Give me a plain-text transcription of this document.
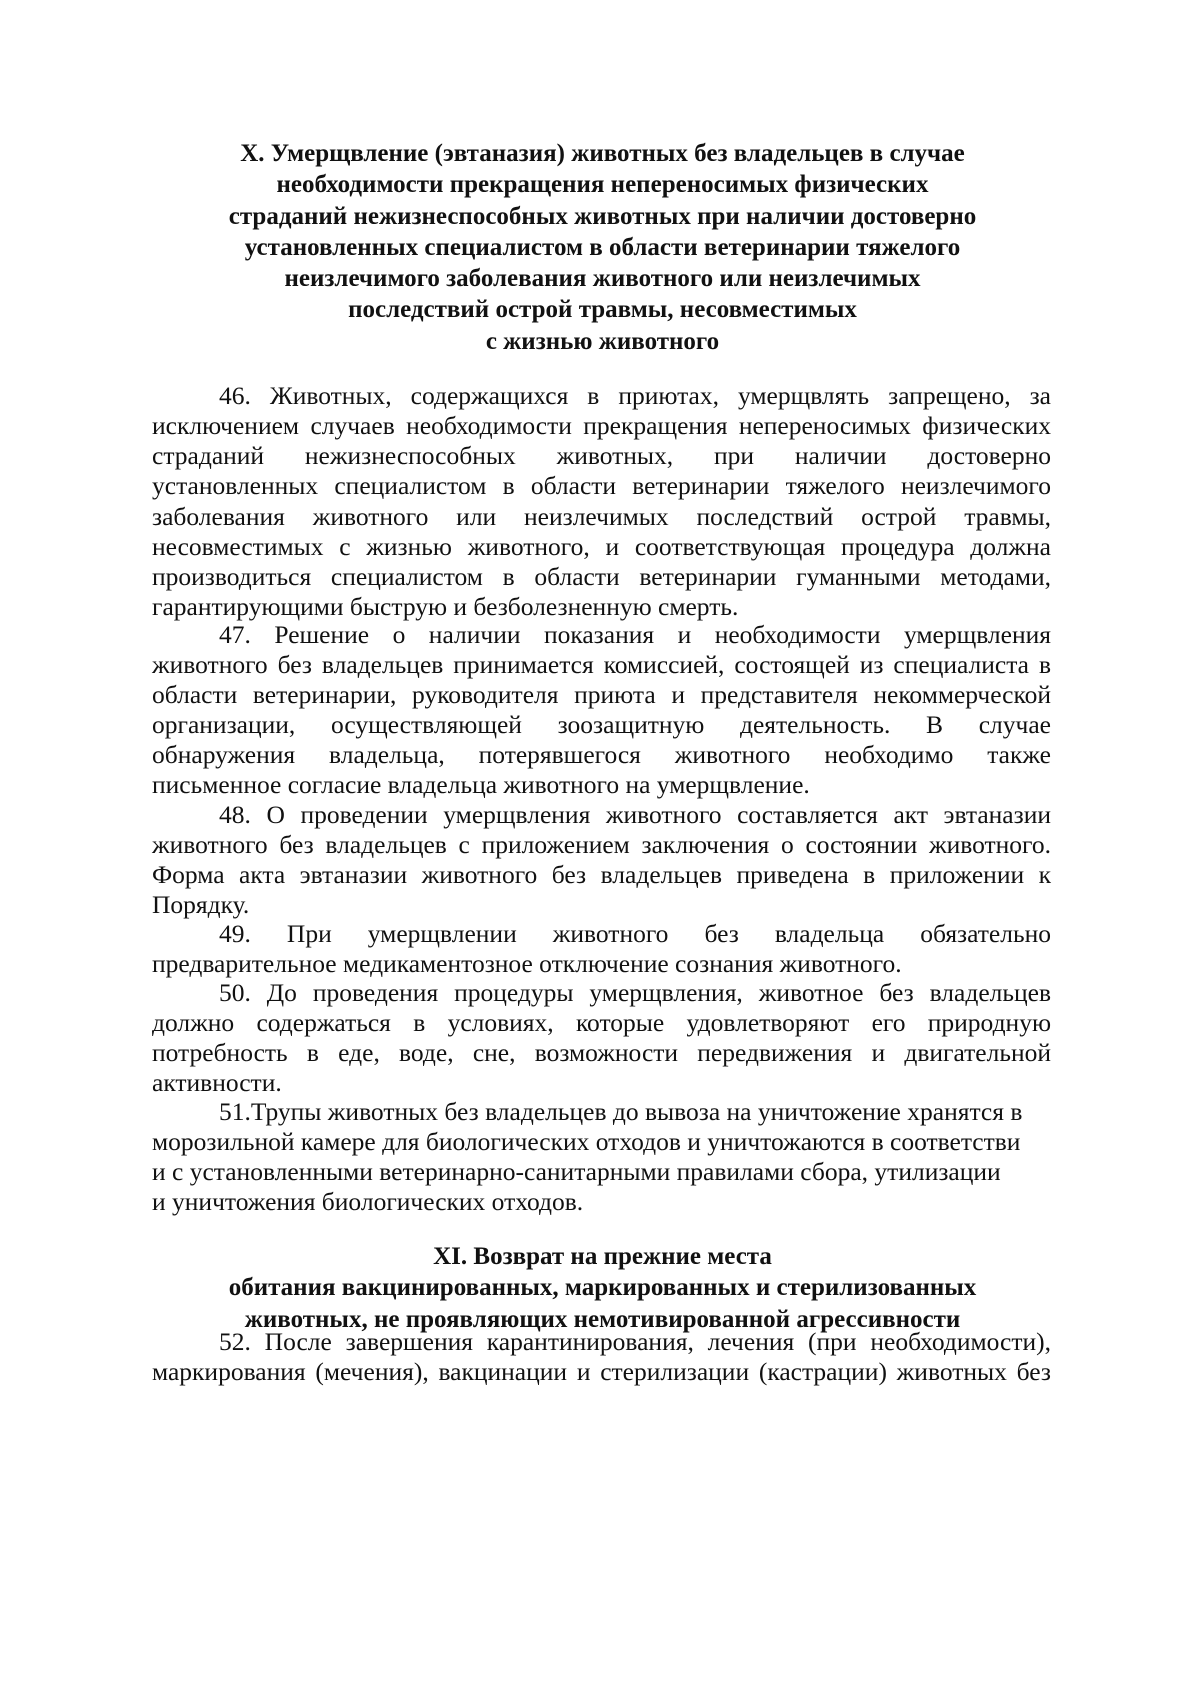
X. Умерщвление (эвтаназия) животных без владельцев в случае
необходимости прекращения непереносимых физических
страданий нежизнеспособных животных при наличии достоверно
установленных специалистом в области ветеринарии тяжелого
неизлечимого заболевания животного или неизлечимых
последствий острой травмы, несовместимых
с жизнью животного
46. Животных, содержащихся в приютах, умерщвлять запрещено, за
исключением случаев необходимости прекращения непереносимых физических
страданий нежизнеспособных животных, при наличии достоверно
установленных специалистом в области ветеринарии тяжелого неизлечимого
заболевания животного или неизлечимых последствий острой травмы,
несовместимых с жизнью животного, и соответствующая процедура должна
производиться специалистом в области ветеринарии гуманными методами,
гарантирующими быструю и безболезненную смерть.
47. Решение о наличии показания и необходимости умерщвления
животного без владельцев принимается комиссией, состоящей из специалиста в
области ветеринарии, руководителя приюта и представителя некоммерческой
организации, осуществляющей зоозащитную деятельность. В случае
обнаружения владельца, потерявшегося животного необходимо также
письменное согласие владельца животного на умерщвление.
48. О проведении умерщвления животного составляется акт эвтаназии
животного без владельцев с приложением заключения о состоянии животного.
Форма акта эвтаназии животного без владельцев приведена в приложении к
Порядку.
49. При умерщвлении животного без владельца обязательно
предварительное медикаментозное отключение сознания животного.
50. До проведения процедуры умерщвления, животное без владельцев
должно содержаться в условиях, которые удовлетворяют его природную
потребность в еде, воде, сне, возможности передвижения и двигательной
активности.
51.Трупы животных без владельцев до вывоза на уничтожение хранятся в
морозильной камере для биологических отходов и уничтожаются в соответстви
и с установленными ветеринарно-санитарными правилами сбора, утилизации
и уничтожения биологических отходов.
XI. Возврат на прежние места
обитания вакцинированных, маркированных и стерилизованных
животных, не проявляющих немотивированной агрессивности
52. После завершения карантинирования, лечения (при необходимости),
маркирования (мечения), вакцинации и стерилизации (кастрации) животных без
